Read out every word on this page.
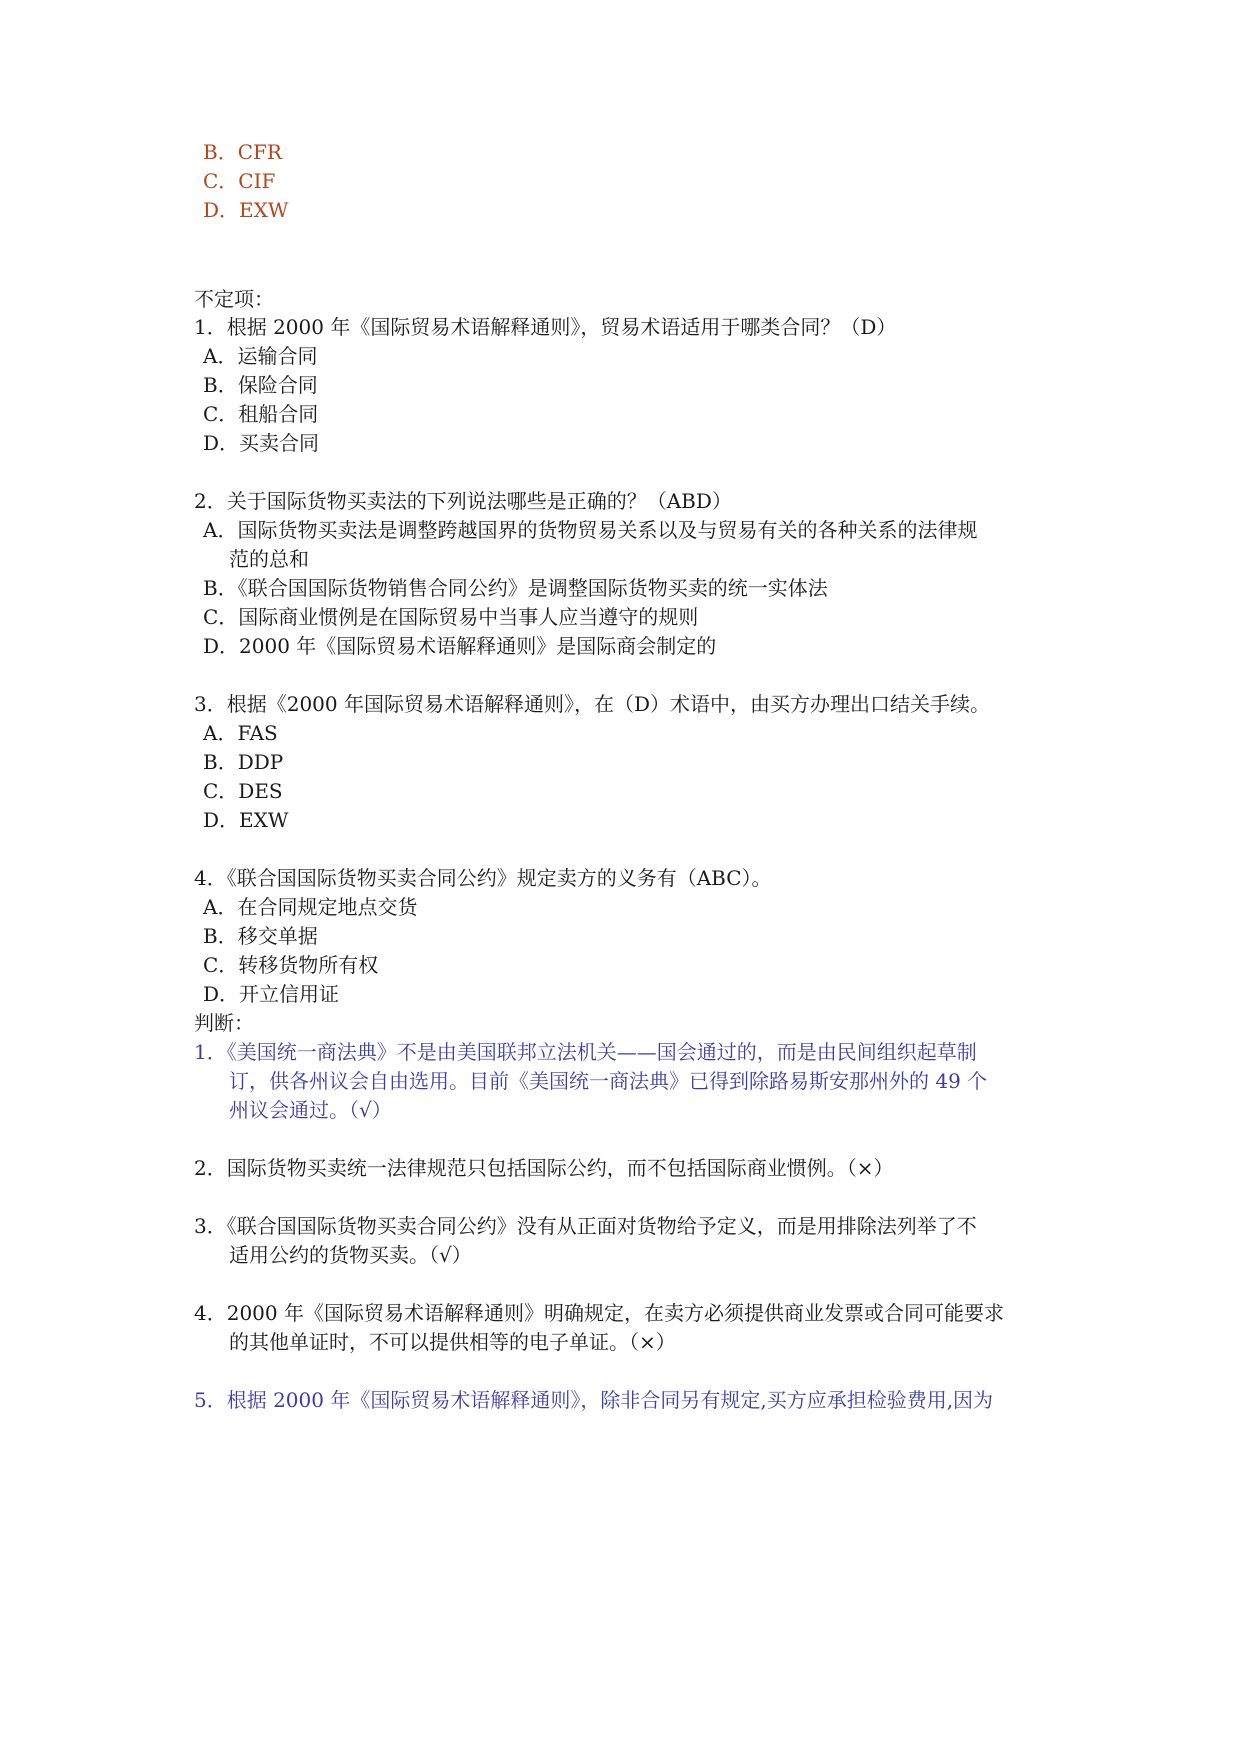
B．CFR
C．CIF
D．EXW
不定项：
1．根据 2000 年《国际贸易术语解释通则》，贸易术语适用于哪类合同？（D）
A．运输合同
B．保险合同
C．租船合同
D．买卖合同
2．关于国际货物买卖法的下列说法哪些是正确的？（ABD）
A．国际货物买卖法是调整跨越国界的货物贸易关系以及与贸易有关的各种关系的法律规
范的总和
B．《联合国国际货物销售合同公约》是调整国际货物买卖的统一实体法
C．国际商业惯例是在国际贸易中当事人应当遵守的规则
D．2000 年《国际贸易术语解释通则》是国际商会制定的
3．根据《2000 年国际贸易术语解释通则》，在（D）术语中，由买方办理出口结关手续。
A．FAS
B．DDP
C．DES
D．EXW
4．《联合国国际货物买卖合同公约》规定卖方的义务有（ABC）。
A．在合同规定地点交货
B．移交单据
C．转移货物所有权
D．开立信用证
判断：
1．《美国统一商法典》不是由美国联邦立法机关——国会通过的，而是由民间组织起草制
订，供各州议会自由选用。目前《美国统一商法典》已得到除路易斯安那州外的 49 个
州议会通过。（√）
2．国际货物买卖统一法律规范只包括国际公约，而不包括国际商业惯例。（×）
3．《联合国国际货物买卖合同公约》没有从正面对货物给予定义，而是用排除法列举了不
适用公约的货物买卖。（√）
4．2000 年《国际贸易术语解释通则》明确规定，在卖方必须提供商业发票或合同可能要求
的其他单证时，不可以提供相等的电子单证。（×）
5．根据 2000 年《国际贸易术语解释通则》，除非合同另有规定,买方应承担检验费用,因为
